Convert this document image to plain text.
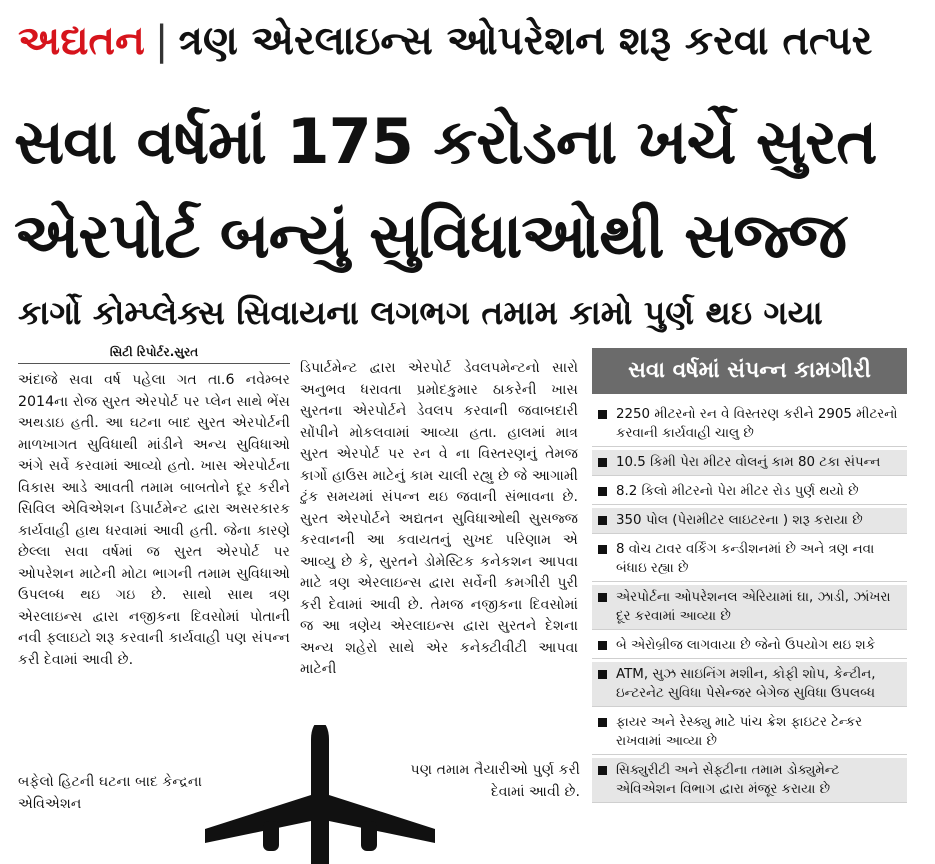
અદ્યતન | ત્રણ એરલાઇન્સ ઓપરેશન શરૂ કરવા તત્પર
સવા વર્ષમાં 175 કરોડના ખર્ચે સુરત
એરપોર્ટ બન્યું સુવિધાઓથી સજ્જ
કાર્ગો કોમ્પ્લેક્સ સિવાયના લગભગ તમામ કામો પુર્ણ થઇ ગયા
સિટી રિપોર્ટર.સુરત
અંદાજે સવા વર્ષ પહેલા ગત તા.6 નવેમ્બર 2014ના રોજ સુરત એરપોર્ટ પર પ્લેન સાથે ભેંસ અથડાઇ હતી. આ ઘટના બાદ સુરત એરપોર્ટની માળખાગત સુવિધાથી માંડીને અન્ય સુવિધાઓ અંગે સર્વે કરવામાં આવ્યો હતો. ખાસ એરપોર્ટના વિકાસ આડે આવતી તમામ બાબતોને દૂર કરીને સિવિલ એવિએશન ડિપાર્ટમેન્ટ દ્વારા અસરકારક કાર્યવાહી હાથ ધરવામાં આવી હતી. જેના કારણે છેલ્લા સવા વર્ષમાં જ સુરત એરપોર્ટ પર ઓપરેશન માટેની મોટા ભાગની તમામ સુવિધાઓ ઉપલબ્ધ થઇ ગઇ છે. સાથો સાથ ત્રણ એરલાઇન્સ દ્વારા નજીકના દિવસોમાં પોતાની નવી ફ્લાઇટો શરૂ કરવાની કાર્યવાહી પણ સંપન્ન કરી દેવામાં આવી છે.
ડિપાર્ટમેન્ટ દ્વારા એરપોર્ટ ડેવલપમેન્ટનો સારો અનુભવ ધરાવતા પ્રમોદકુમાર ઠાકરેની ખાસ સુરતના એરપોર્ટને ડેવલપ કરવાની જવાબદારી સોંપીને મોકલવામાં આવ્યા હતા. હાલમાં માત્ર સુરત એરપોર્ટ પર રન વે ના વિસ્તરણનું તેમજ કાર્ગો હાઉસ માટેનું કામ ચાલી રહ્યુ છે જે આગામી ટુંક સમયમાં સંપન્ન થઇ જવાની સંભાવના છે. સુરત એરપોર્ટને અદ્યતન સુવિધાઓથી સુસજ્જ કરવાનની આ કવાયતનું સુખદ પરિણામ એ આવ્યુ છે કે, સુરતને ડોમેસ્ટિક કનેકશન આપવા માટે ત્રણ એરલાઇન્સ દ્વારા સર્વેની કમગીરી પુરી કરી દેવામાં આવી છે. તેમજ નજીકના દિવસોમાં જ આ ત્રણેય એરલાઇન્સ દ્વારા સુરતને દેશના અન્ય શહેરો સાથે એર કનેક્ટીવીટી આપવા માટેની
બફેલો હિટની ઘટના બાદ કેન્દ્રના એવિએશન
પણ તમામ તૈયારીઓ પુર્ણ કરી દેવામાં આવી છે.
સવા વર્ષમાં સંપન્ન કામગીરી
2250 મીટરનો રન વે વિસ્તરણ કરીને 2905 મીટરનો કરવાની કાર્યવાહી ચાલુ છે
10.5 કિમી પેરા મીટર વોલનું કામ 80 ટકા સંપન્ન
8.2 કિલો મીટરનો પેરા મીટર રોડ પુર્ણ થયો છે
350 પોલ (પેરામીટર લાઇટરના ) શરૂ કરાયા છે
8 વોચ ટાવર વર્કિંગ કન્ડીશનમાં છે અને ત્રણ નવા બંધાઇ રહ્યા છે
એરપોર્ટના ઓપરેશનલ એરિયામાં ઘા, ઝાડી, ઝાંખરા દૂર કરવામાં આવ્યા છે
બે એરોબ્રીજ લાગવાયા છે જેનો ઉપયોગ થઇ શકે
ATM, સુઝ સાઇનિંગ મશીન, કોફી શોપ, કેન્ટીન, ઇન્ટરનેટ સુવિધા પેસેન્જર બેગેજ સુવિધા ઉપલબ્ધ
ફાયર અને રેસ્ક્યુ માટે પાંચ ક્રેશ ફાઇટર ટેન્કર રાખવામાં આવ્યા છે
સિક્યુરીટી અને સેફ્ટીના તમામ ડોક્યુમેન્ટ એવિએશન વિભાગ દ્વારા મંજૂર કરાયા છે
